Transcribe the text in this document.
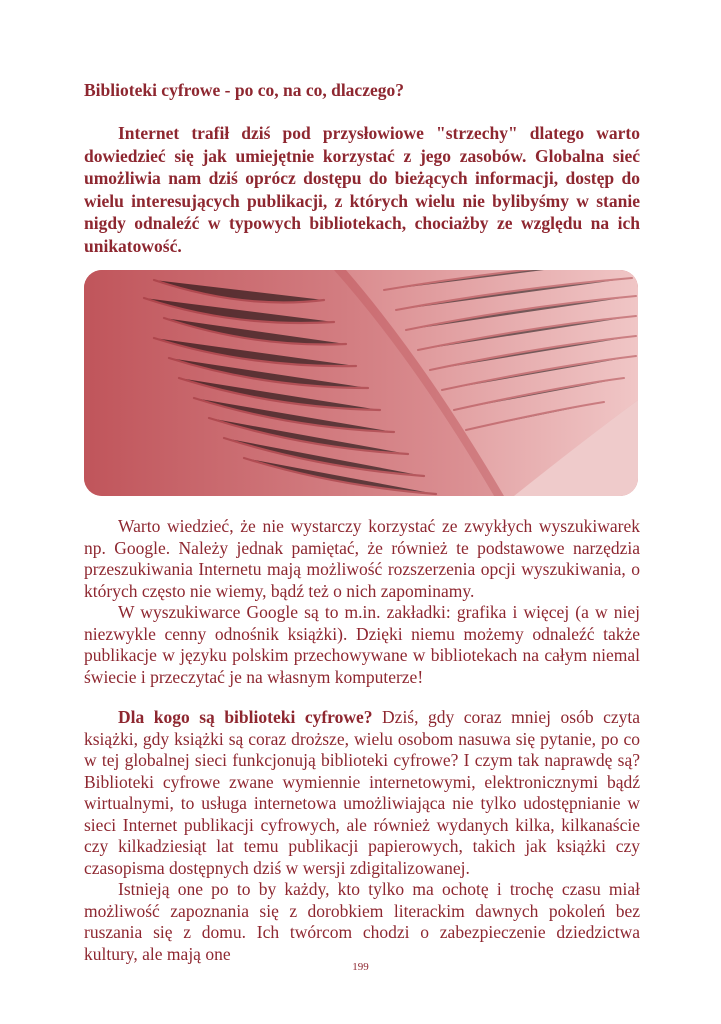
Biblioteki cyfrowe - po co, na co, dlaczego?

Internet trafił dziś pod przysłowiowe "strzechy" dlatego warto dowiedzieć się jak umiejętnie korzystać z jego zasobów. Globalna sieć umożliwia nam dziś oprócz dostępu do bieżących informacji, dostęp do wielu interesujących publikacji, z których wielu nie bylibyśmy w stanie nigdy odnaleźć w typowych bibliotekach, chociażby ze względu na ich unikatowość.

Warto wiedzieć, że nie wystarczy korzystać ze zwykłych wyszukiwarek np. Google. Należy jednak pamiętać, że również te podstawowe narzędzia przeszukiwania Internetu mają możliwość rozszerzenia opcji wyszukiwania, o których często nie wiemy, bądź też o nich zapominamy.

W wyszukiwarce Google są to m.in. zakładki: grafika i więcej (a w niej niezwykle cenny odnośnik książki). Dzięki niemu możemy odnaleźć także publikacje w języku polskim przechowywane w bibliotekach na całym niemal świecie i przeczytać je na własnym komputerze!

Dla kogo są biblioteki cyfrowe? Dziś, gdy coraz mniej osób czyta książki, gdy książki są coraz droższe, wielu osobom nasuwa się pytanie, po co w tej globalnej sieci funkcjonują biblioteki cyfrowe? I czym tak naprawdę są? Biblioteki cyfrowe zwane wymiennie internetowymi, elektronicznymi bądź wirtualnymi, to usługa internetowa umożliwiająca nie tylko udostępnianie w sieci Internet publikacji cyfrowych, ale również wydanych kilka, kilkanaście czy kilkadziesiąt lat temu publikacji papierowych, takich jak książki czy czasopisma dostępnych dziś w wersji zdigitalizowanej.

Istnieją one po to by każdy, kto tylko ma ochotę i trochę czasu miał możliwość zapoznania się z dorobkiem literackim dawnych pokoleń bez ruszania się z domu. Ich twórcom chodzi o zabezpieczenie dziedzictwa kultury, ale mają one

199
